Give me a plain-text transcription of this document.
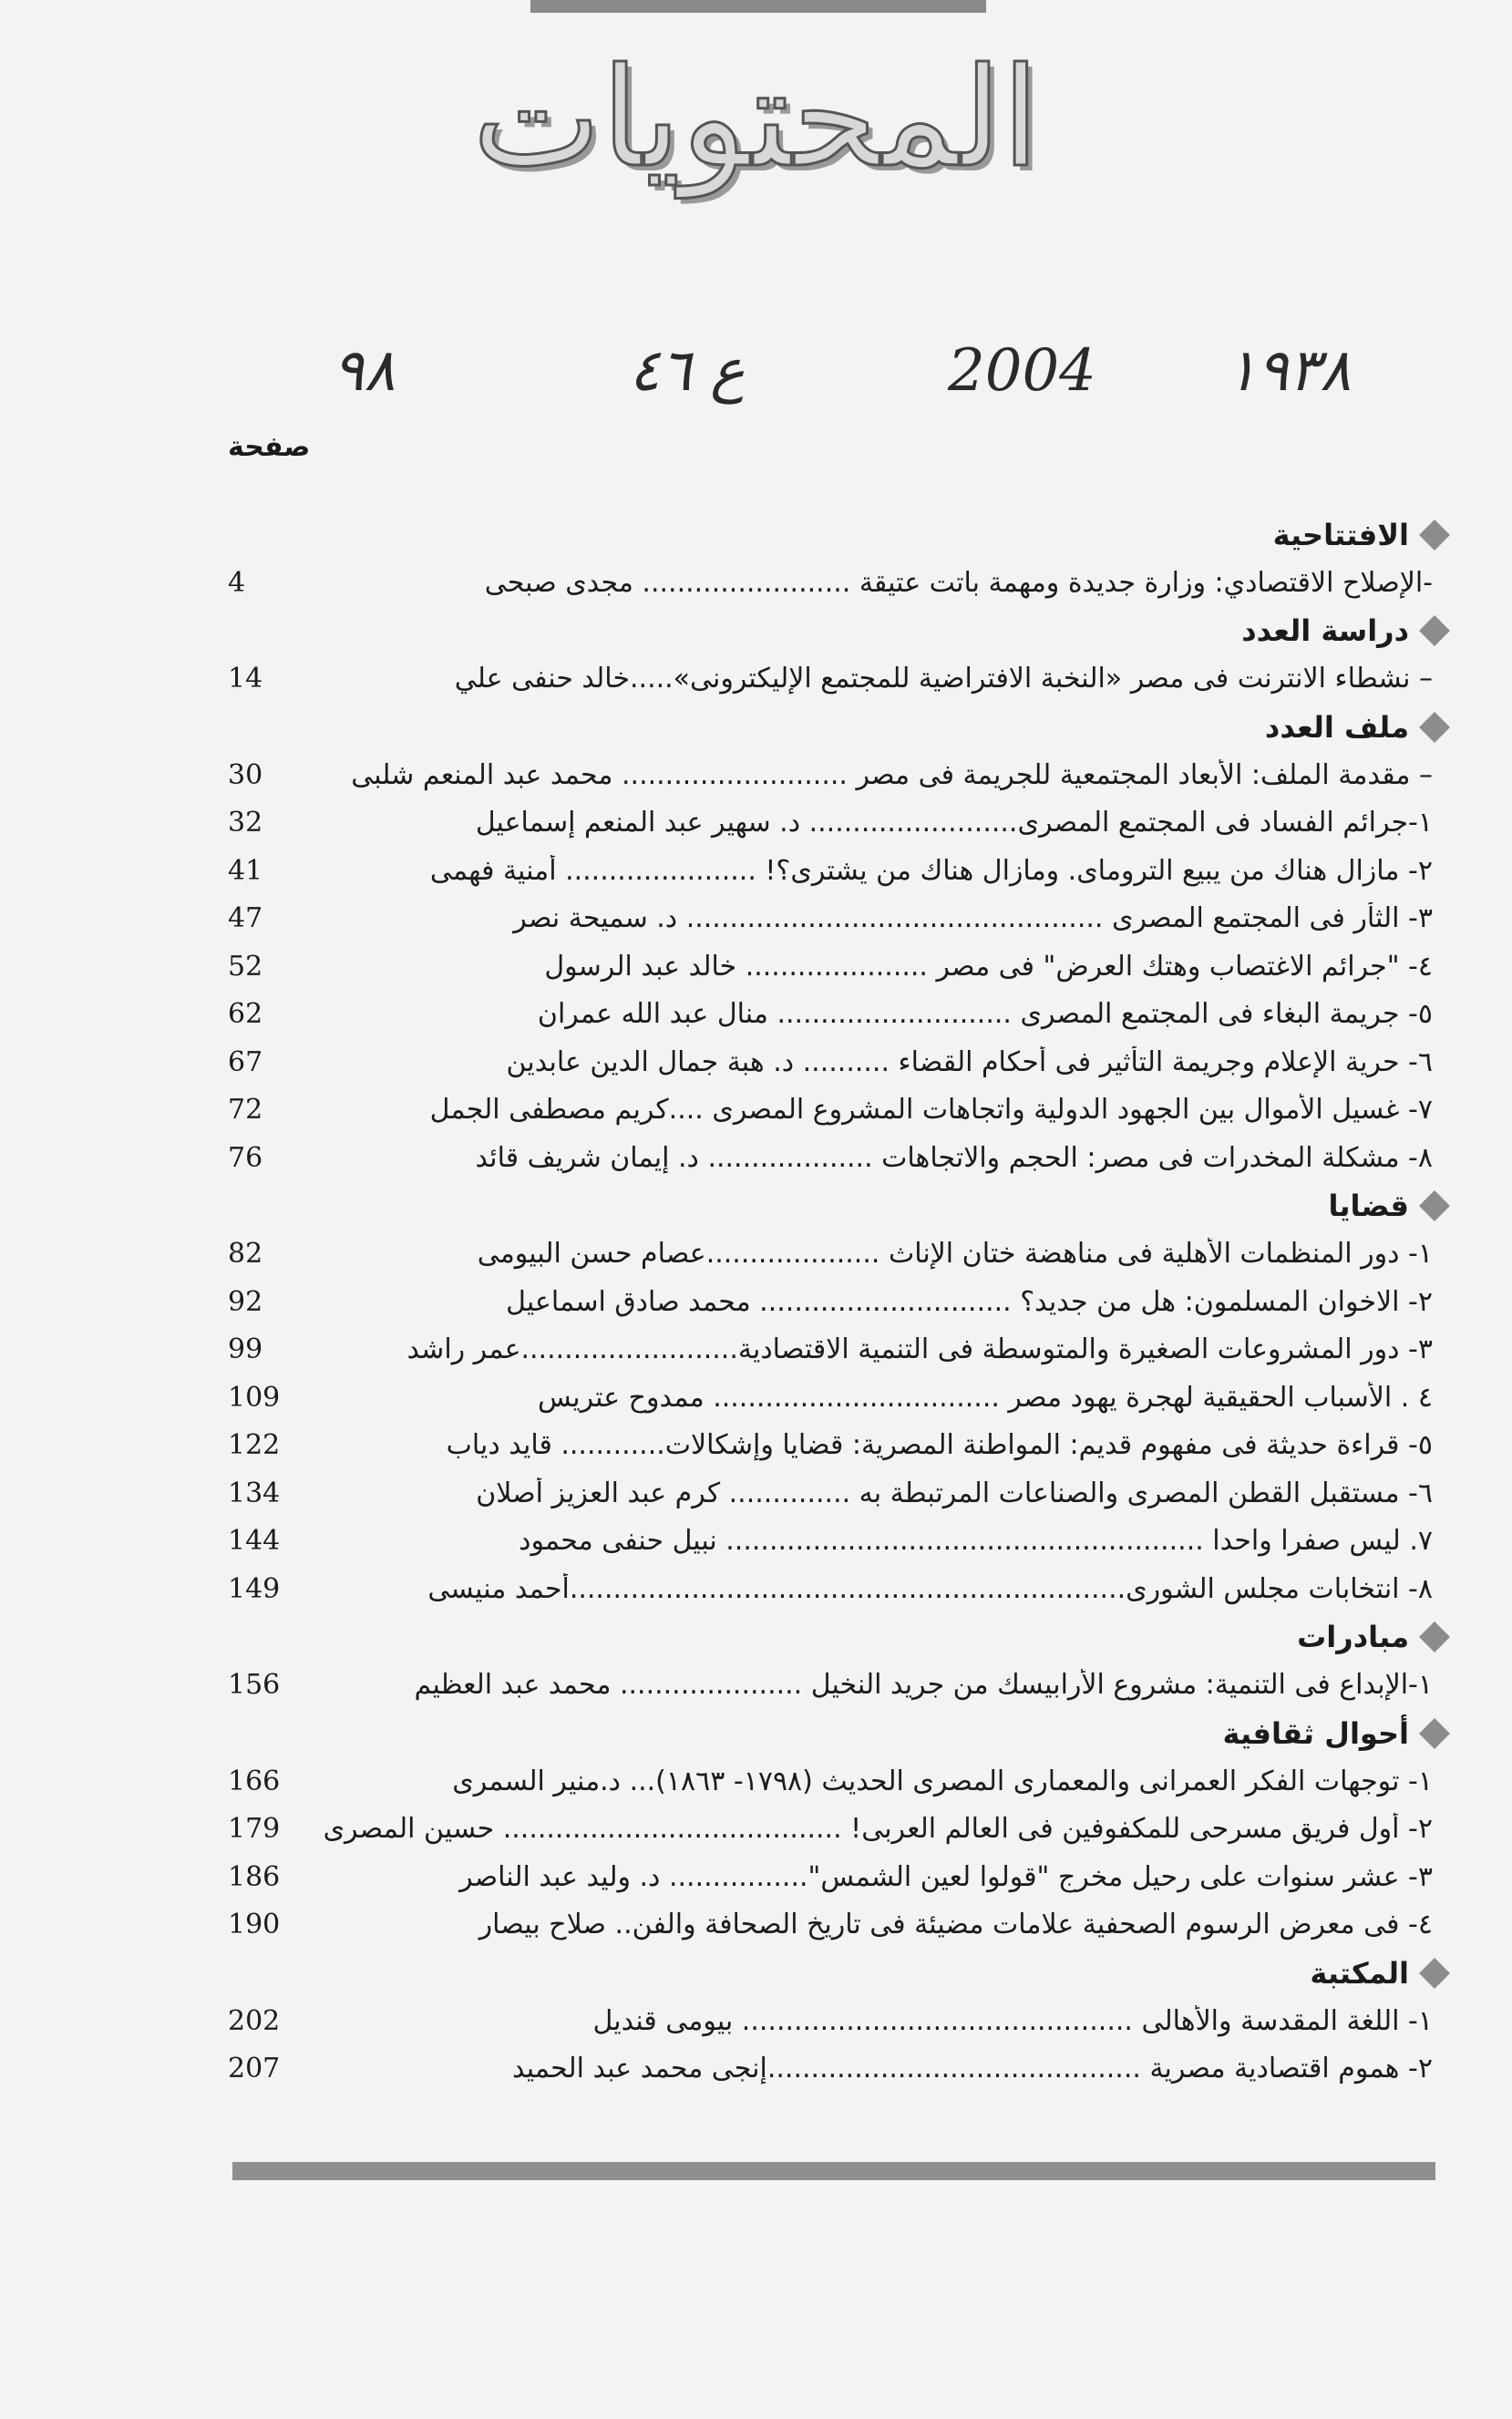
المحتويات
١٩٣٨
2004
ع ٤٦
٩٨
صفحة
الافتتاحية
-الإصلاح الاقتصادي: وزارة جديدة ومهمة باتت عتيقة ........................ مجدى صبحى
4
دراسة العدد
– نشطاء الانترنت فى مصر «النخبة الافتراضية للمجتمع الإليكترونى».....خالد حنفى علي
14
ملف العدد
– مقدمة الملف: الأبعاد المجتمعية للجريمة فى مصر .......................... محمد عبد المنعم شلبى
30
١-جرائم الفساد فى المجتمع المصرى........................ د. سهير عبد المنعم إسماعيل
32
٢- مازال هناك من يبيع التروماى. ومازال هناك من يشترى؟! ...................... أمنية فهمى
41
٣- الثأر فى المجتمع المصرى ................................................ د. سميحة نصر
47
٤- "جرائم الاغتصاب وهتك العرض" فى مصر ..................... خالد عبد الرسول
52
٥- جريمة البغاء فى المجتمع المصرى ........................... منال عبد الله عمران
62
٦- حرية الإعلام وجريمة التأثير فى أحكام القضاء .......... د. هبة جمال الدين عابدين
67
٧- غسيل الأموال بين الجهود الدولية واتجاهات المشروع المصرى ....كريم مصطفى الجمل
72
٨- مشكلة المخدرات فى مصر: الحجم والاتجاهات ................... د. إيمان شريف قائد
76
قضايا
١- دور المنظمات الأهلية فى مناهضة ختان الإناث ....................عصام حسن البيومى
82
٢- الاخوان المسلمون: هل من جديد؟ ............................. محمد صادق اسماعيل
92
٣- دور المشروعات الصغيرة والمتوسطة فى التنمية الاقتصادية.........................عمر راشد
99
٤ . الأسباب الحقيقية لهجرة يهود مصر ................................. ممدوح عتريس
109
٥- قراءة حديثة فى مفهوم قديم: المواطنة المصرية: قضايا وإشكالات............ قايد دياب
122
٦- مستقبل القطن المصرى والصناعات المرتبطة به .............. كرم عبد العزيز أصلان
134
٧. ليس صفرا واحدا ....................................................... نبيل حنفى محمود
144
٨- انتخابات مجلس الشورى................................................................أحمد منيسى
149
مبادرات
١-الإبداع فى التنمية: مشروع الأرابيسك من جريد النخيل ..................... محمد عبد العظيم
156
أحوال ثقافية
١- توجهات الفكر العمرانى والمعمارى المصرى الحديث (١٧٩٨- ١٨٦٣)... د.منير السمرى
166
٢- أول فريق مسرحى للمكفوفين فى العالم العربى! ....................................... حسين المصرى
179
٣- عشر سنوات على رحيل مخرج "قولوا لعين الشمس"................ د. وليد عبد الناصر
186
٤- فى معرض الرسوم الصحفية علامات مضيئة فى تاريخ الصحافة والفن.. صلاح بيصار
190
المكتبة
١- اللغة المقدسة والأهالى ............................................. بيومى قنديل
202
٢- هموم اقتصادية مصرية ...........................................إنجى محمد عبد الحميد
207
